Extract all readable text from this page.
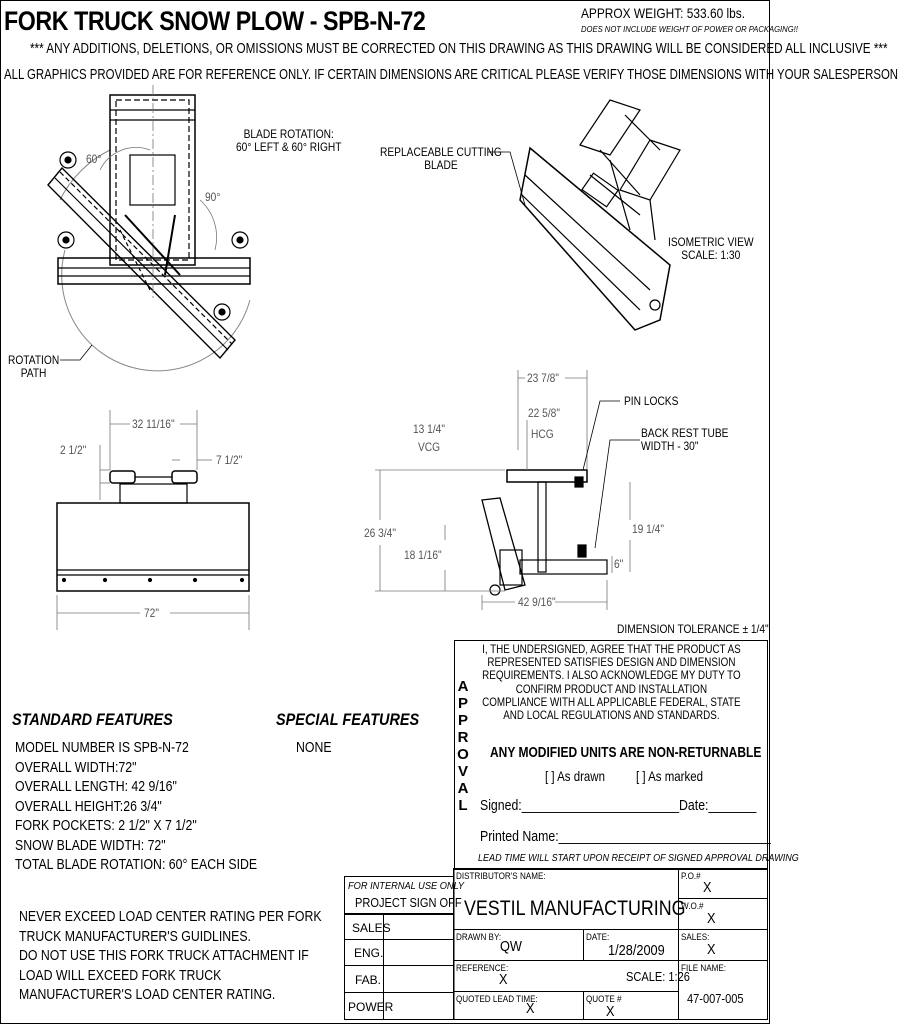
FORK TRUCK SNOW PLOW - SPB-N-72	APPROX WEIGHT: 533.60 lbs.
DOES NOT INCLUDE WEIGHT OF POWER OR PACKAGING!!
*** ANY ADDITIONS, DELETIONS, OR OMISSIONS MUST BE CORRECTED ON THIS DRAWING AS THIS DRAWING WILL BE CONSIDERED ALL INCLUSIVE ***
ALL GRAPHICS PROVIDED ARE FOR REFERENCE ONLY. IF CERTAIN DIMENSIONS ARE CRITICAL PLEASE VERIFY THOSE DIMENSIONS WITH YOUR SALESPERSON
BLADE ROTATION:
60° LEFT & 60° RIGHT
60°
90°
ROTATION
PATH
REPLACEABLE CUTTING
BLADE
ISOMETRIC VIEW
SCALE: 1:30
32 11/16"
2 1/2"
7 1/2"
72"
23 7/8"
22 5/8"
HCG
13 1/4"
VCG
PIN LOCKS
BACK REST TUBE
WIDTH - 30"
26 3/4"
18 1/16"
19 1/4"
6"
42 9/16"
DIMENSION TOLERANCE ± 1/4"
A
P
P
R
O
V
A
L
I, THE UNDERSIGNED, AGREE THAT THE PRODUCT AS
REPRESENTED SATISFIES DESIGN AND DIMENSION
REQUIREMENTS. I ALSO ACKNOWLEDGE MY DUTY TO
CONFIRM PRODUCT AND INSTALLATION
COMPLIANCE WITH ALL APPLICABLE FEDERAL, STATE
AND LOCAL REGULATIONS AND STANDARDS.
ANY MODIFIED UNITS ARE NON-RETURNABLE
[ ] As drawn [ ] As marked
Signed:_______________________Date:_______
Printed Name:_______________________________
LEAD TIME WILL START UPON RECEIPT OF SIGNED APPROVAL DRAWING
STANDARD FEATURES
MODEL NUMBER IS SPB-N-72
OVERALL WIDTH:72"
OVERALL LENGTH: 42 9/16"
OVERALL HEIGHT:26 3/4"
FORK POCKETS: 2 1/2" X 7 1/2"
SNOW BLADE WIDTH: 72"
TOTAL BLADE ROTATION: 60° EACH SIDE
SPECIAL FEATURES
NONE
NEVER EXCEED LOAD CENTER RATING PER FORK
TRUCK MANUFACTURER'S GUIDLINES.
DO NOT USE THIS FORK TRUCK ATTACHMENT IF
LOAD WILL EXCEED FORK TRUCK
MANUFACTURER'S LOAD CENTER RATING.
FOR INTERNAL USE ONLY
PROJECT SIGN OFF
SALES
ENG.
FAB.
POWER
DISTRIBUTOR'S NAME:
VESTIL MANUFACTURING
P.O.#
X
W.O.#
X
DRAWN BY:
QW
DATE:
1/28/2009
SALES:
X
REFERENCE:
X	SCALE: 1:26
FILE NAME:
47-007-005
QUOTED LEAD TIME:
X
QUOTE #
X
